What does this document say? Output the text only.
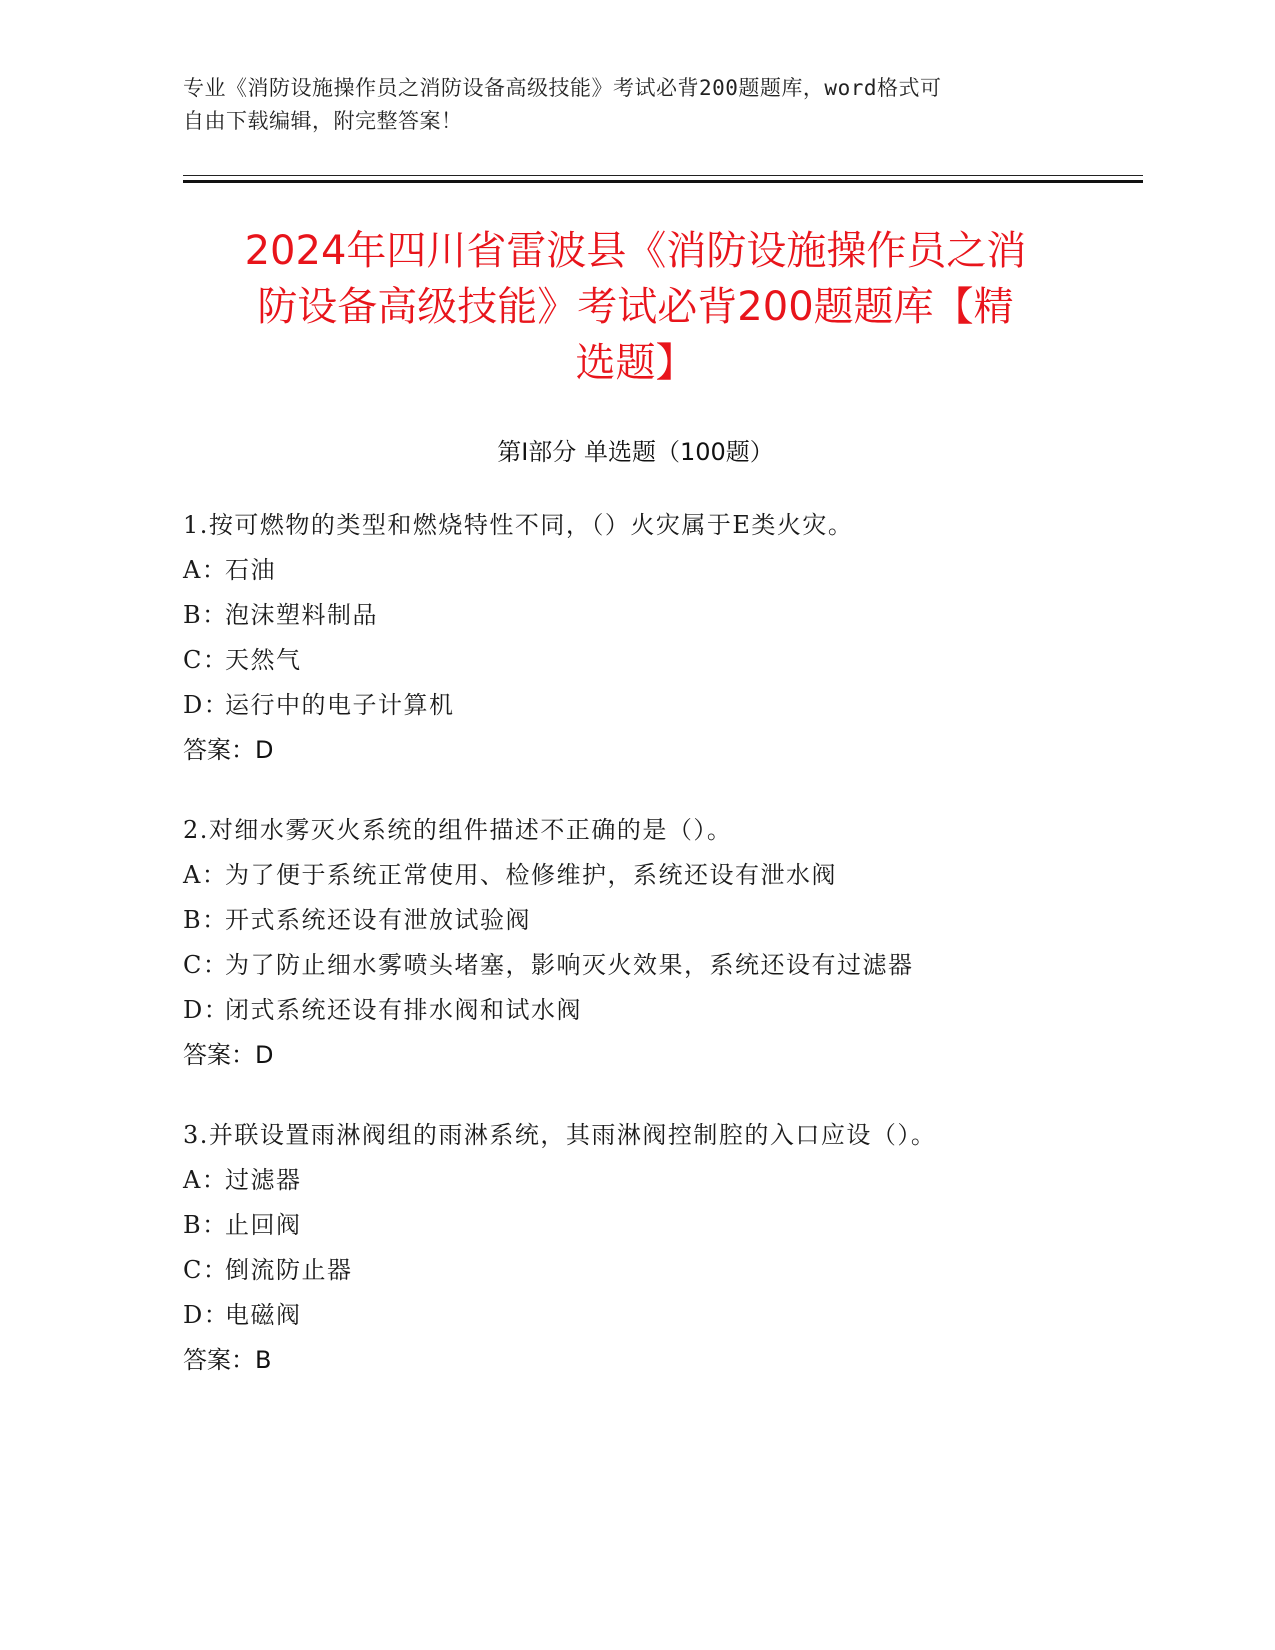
专业《消防设施操作员之消防设备高级技能》考试必背200题题库，word格式可
自由下载编辑，附完整答案！
2024年四川省雷波县《消防设施操作员之消
防设备高级技能》考试必背200题题库【精
选题】
第I部分 单选题（100题）
1.按可燃物的类型和燃烧特性不同，（）火灾属于E类火灾。
A：石油
B：泡沫塑料制品
C：天然气
D：运行中的电子计算机
答案：D
2.对细水雾灭火系统的组件描述不正确的是（）。
A：为了便于系统正常使用、检修维护，系统还设有泄水阀
B：开式系统还设有泄放试验阀
C：为了防止细水雾喷头堵塞，影响灭火效果，系统还设有过滤器
D：闭式系统还设有排水阀和试水阀
答案：D
3.并联设置雨淋阀组的雨淋系统，其雨淋阀控制腔的入口应设（）。
A：过滤器
B：止回阀
C：倒流防止器
D：电磁阀
答案：B
